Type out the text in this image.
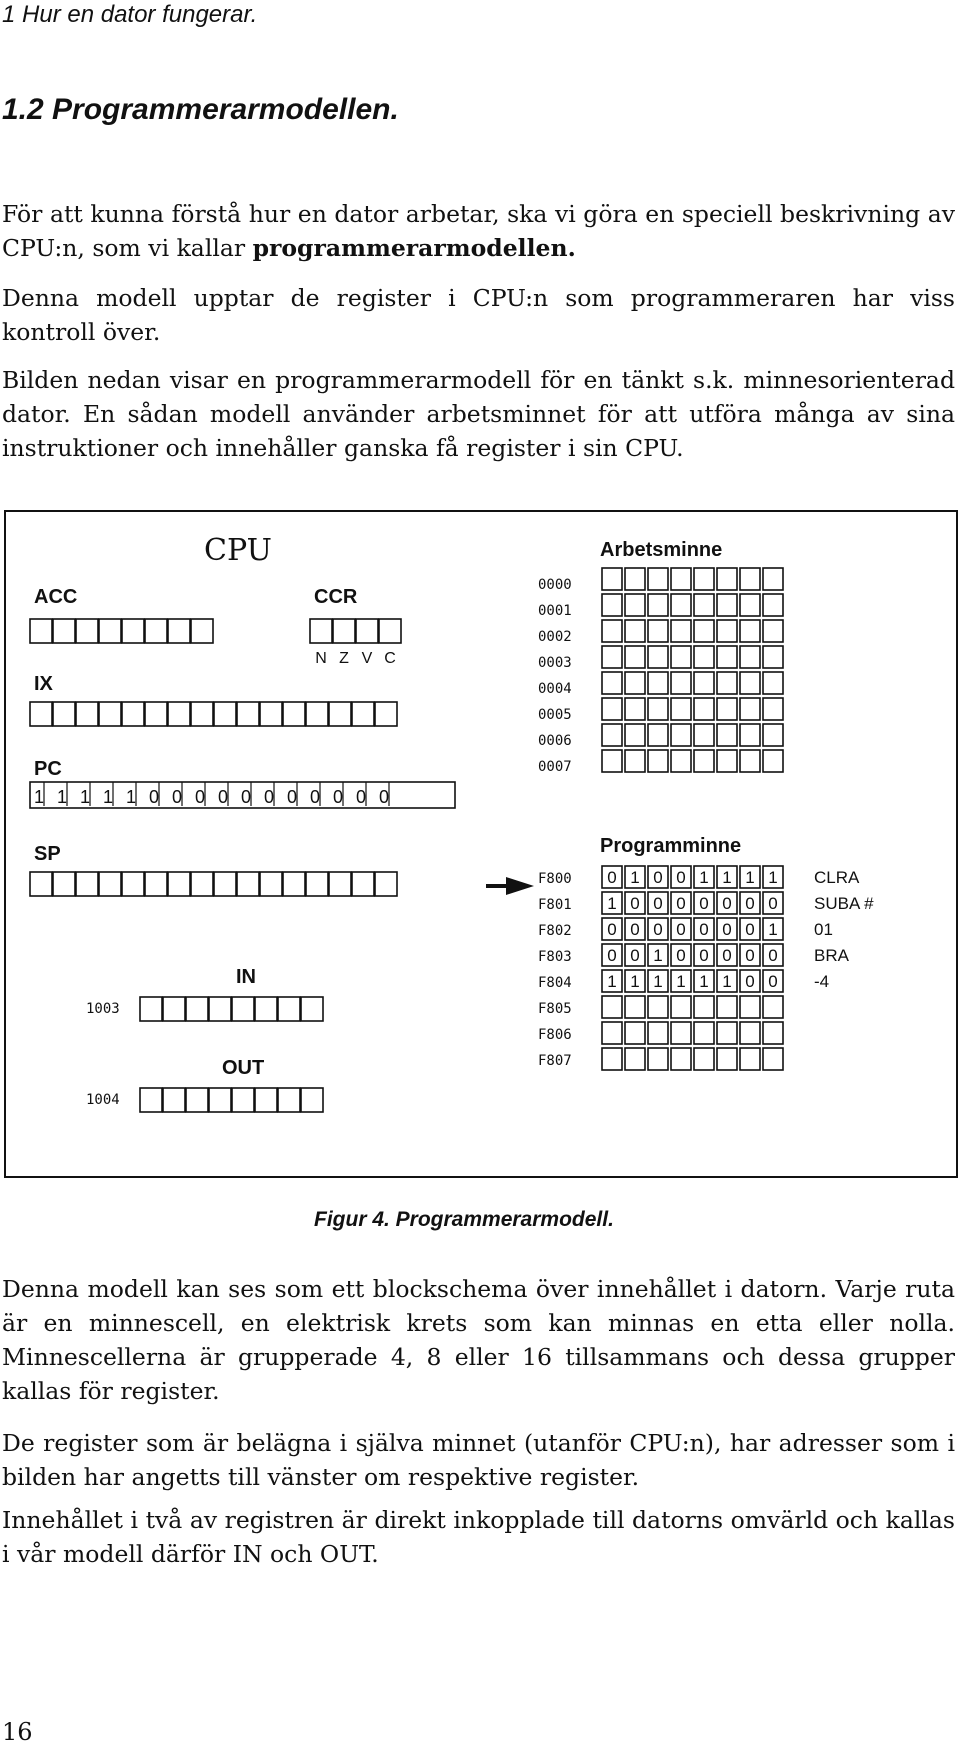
1 Hur en dator fungerar.
1.2 Programmerarmodellen.
För att kunna förstå hur en dator arbetar, ska vi göra en speciell beskrivning av CPU:n, som vi kallar programmerarmodellen.
Denna modell upptar de register i CPU:n som programmeraren har viss kontroll över.
Bilden nedan visar en programmerarmodell för en tänkt s.k. minnesorienterad dator. En sådan modell använder arbetsminnet för att utföra många av sina instruktioner och innehåller ganska få register i sin CPU.
CPU
ACC	CCR
N Z V C
IX
PC
1 1 1 1 1 0 0 0 0 0 0 0 0 0 0 0
SP
IN
1003
OUT
1004
Arbetsminne
0000
0001
0002
0003
0004
0005
0006
0007
Programminne
F800 0 1 0 0 1 1 1 1 CLRA
F801 1 0 0 0 0 0 0 0 SUBA #
F802 0 0 0 0 0 0 0 1 01
F803 0 0 1 0 0 0 0 0 BRA
F804 1 1 1 1 1 1 0 0 -4
F805
F806
F807
Figur 4. Programmerarmodell.
Denna modell kan ses som ett blockschema över innehållet i datorn. Varje ruta är en minnescell, en elektrisk krets som kan minnas en etta eller nolla. Minnescellerna är grupperade 4, 8 eller 16 tillsammans och dessa grupper kallas för register.
De register som är belägna i själva minnet (utanför CPU:n), har adresser som i bilden har angetts till vänster om respektive register.
Innehållet i två av registren är direkt inkopplade till datorns omvärld och kallas i vår modell därför IN och OUT.
16
